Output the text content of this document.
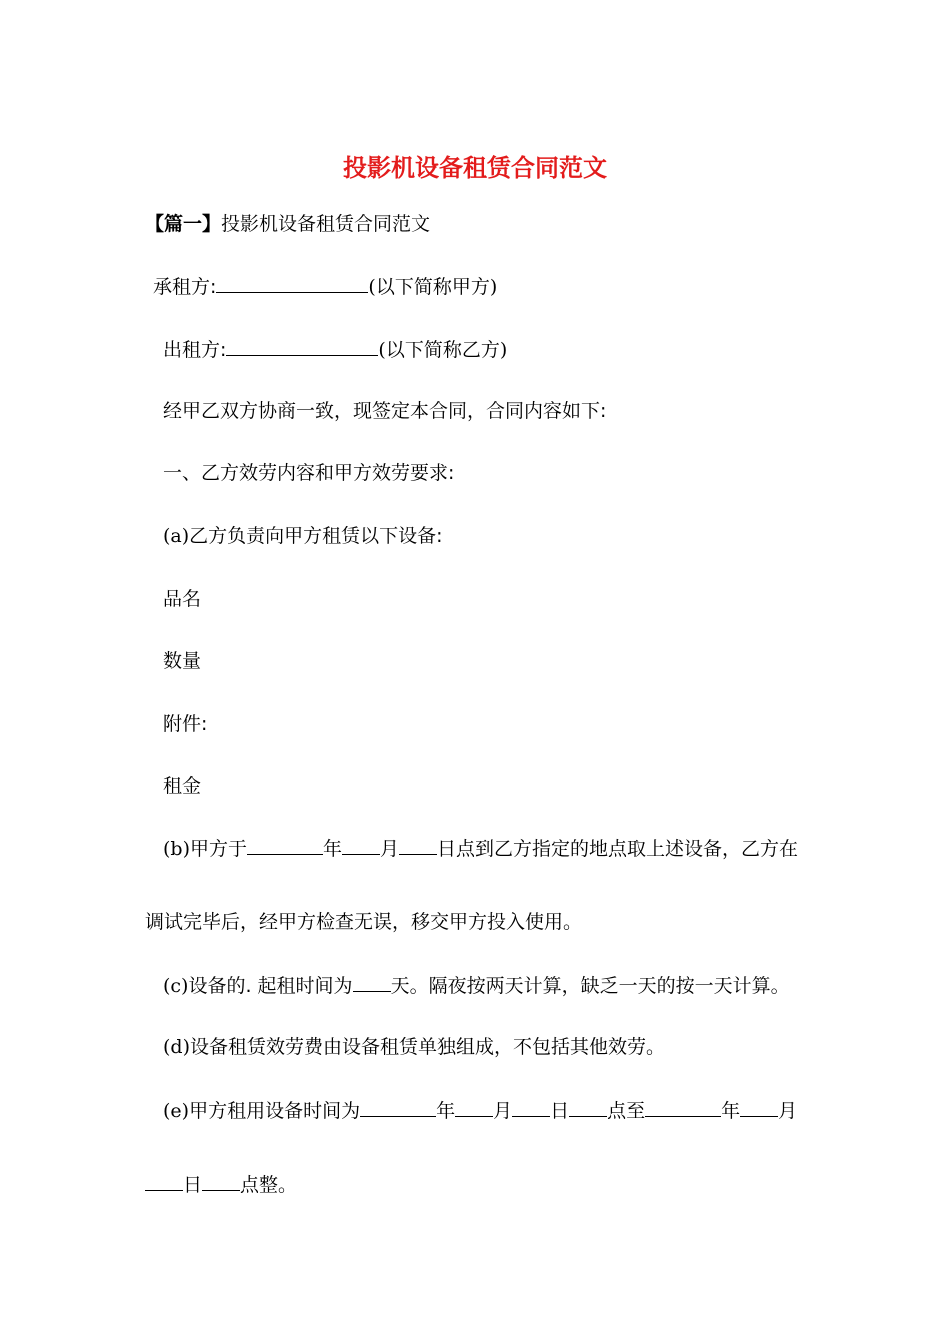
投影机设备租赁合同范文
【篇一】投影机设备租赁合同范文
承租方:	(以下简称甲方)
出租方:	(以下简称乙方)
经甲乙双方协商一致，现签定本合同，合同内容如下:
一、乙方效劳内容和甲方效劳要求:
(a)乙方负责向甲方租赁以下设备:
品名
数量
附件:
租金
(b)甲方于	年 月 日点到乙方指定的地点取上述设备，乙方在
调试完毕后，经甲方检查无误，移交甲方投入使用。
(c)设备的. 起租时间为 天。隔夜按两天计算，缺乏一天的按一天计算。
(d)设备租赁效劳费由设备租赁单独组成，不包括其他效劳。
(e)甲方租用设备时间为	年 月 日 点至	年 月
日 点整。
